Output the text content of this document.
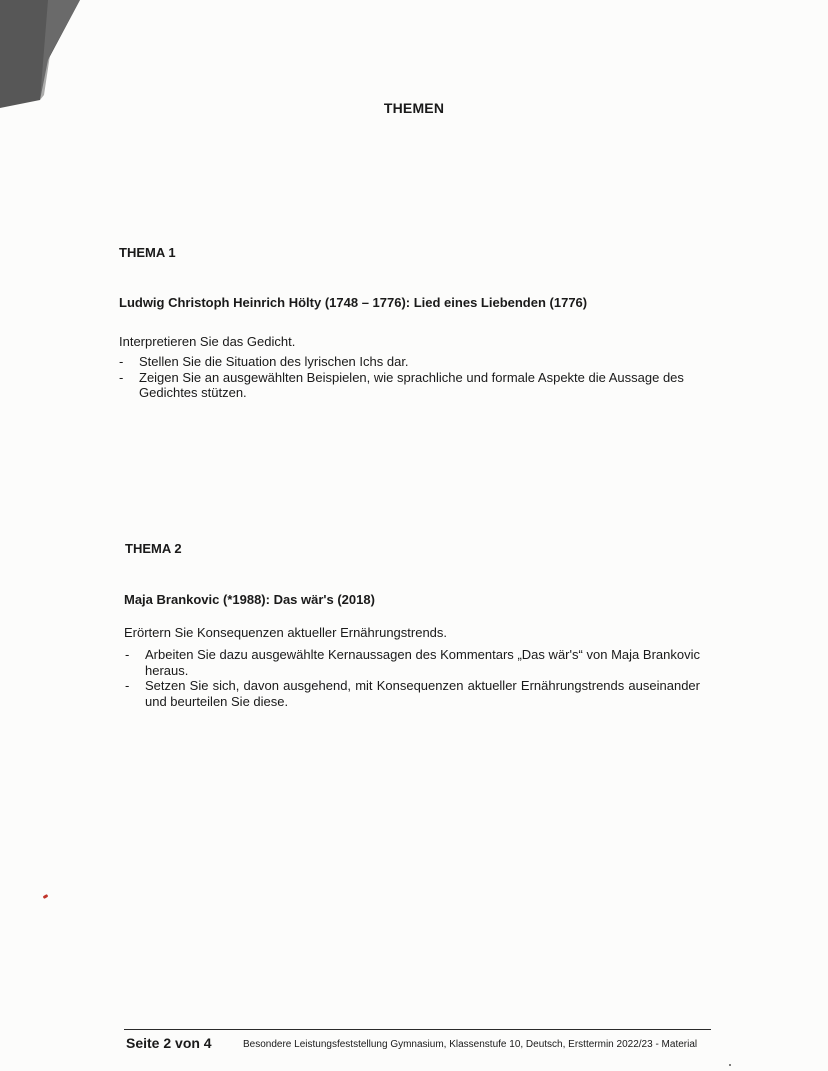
THEMEN
THEMA 1
Ludwig Christoph Heinrich Hölty (1748 – 1776): Lied eines Liebenden (1776)
Interpretieren Sie das Gedicht.
- Stellen Sie die Situation des lyrischen Ichs dar.
- Zeigen Sie an ausgewählten Beispielen, wie sprachliche und formale Aspekte die Aussage des Gedichtes stützen.
THEMA 2
Maja Brankovic (*1988): Das wär's (2018)
Erörtern Sie Konsequenzen aktueller Ernährungstrends.
- Arbeiten Sie dazu ausgewählte Kernaussagen des Kommentars „Das wär's“ von Maja Brankovic heraus.
- Setzen Sie sich, davon ausgehend, mit Konsequenzen aktueller Ernährungstrends auseinander und beurteilen Sie diese.
Seite 2 von 4	Besondere Leistungsfeststellung Gymnasium, Klassenstufe 10, Deutsch, Ersttermin 2022/23 - Material
